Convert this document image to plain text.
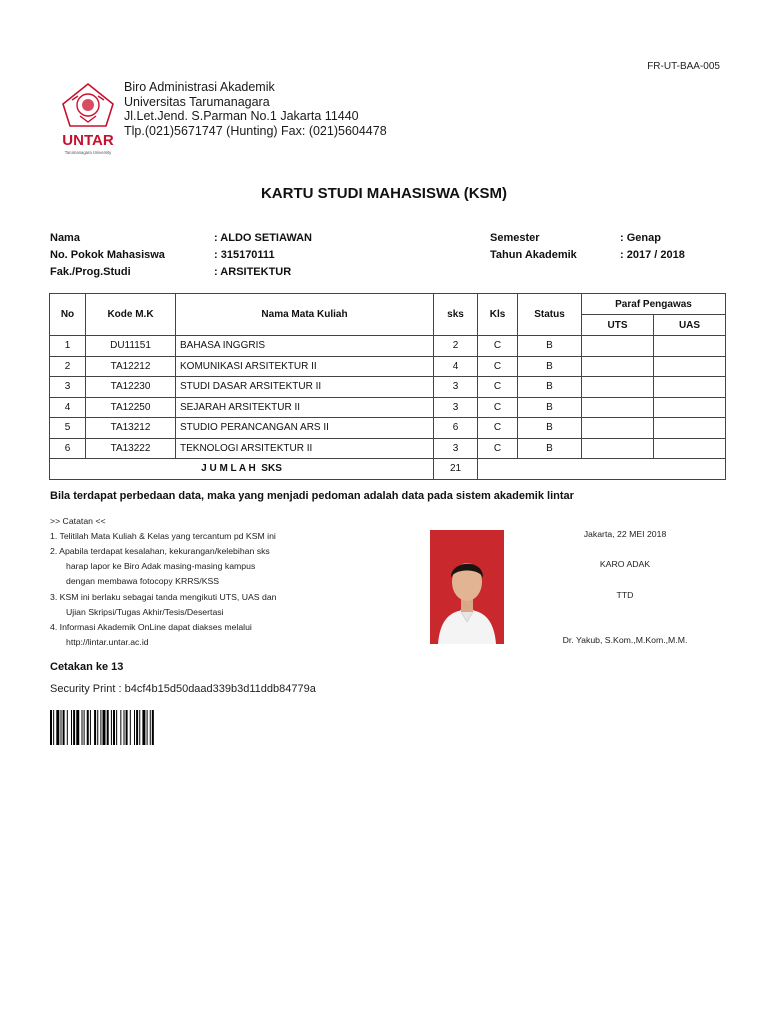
FR-UT-BAA-005
UNTAR
Tarumanagara University
Biro Administrasi Akademik
Universitas Tarumanagara
Jl.Let.Jend. S.Parman No.1 Jakarta 11440
Tlp.(021)5671747 (Hunting) Fax: (021)5604478
KARTU STUDI MAHASISWA (KSM)
Nama	: ALDO SETIAWAN
No. Pokok Mahasiswa	: 315170111
Fak./Prog.Studi	: ARSITEKTUR
Semester	: Genap
Tahun Akademik	: 2017 / 2018
No	Kode M.K	Nama Mata Kuliah	sks	Kls	Status	Paraf Pengawas	
						UTS	UAS
1	DU11151	BAHASA INGGRIS	2	C	B		
2	TA12212	KOMUNIKASI ARSITEKTUR II	4	C	B		
3	TA12230	STUDI DASAR ARSITEKTUR II	3	C	B		
4	TA12250	SEJARAH ARSITEKTUR II	3	C	B		
5	TA13212	STUDIO PERANCANGAN ARS II	6	C	B		
6	TA13222	TEKNOLOGI ARSITEKTUR II	3	C	B		
J U M L A H  SKS			21				
Bila terdapat perbedaan data, maka yang menjadi pedoman adalah data pada sistem akademik lintar
>> Catatan <<
1. Telitilah Mata Kuliah & Kelas yang tercantum pd KSM ini
2. Apabila terdapat kesalahan, kekurangan/kelebihan sks
harap lapor ke Biro Adak masing-masing kampus
dengan membawa fotocopy KRRS/KSS
3. KSM ini berlaku sebagai tanda mengikuti UTS, UAS dan
Ujian Skripsi/Tugas Akhir/Tesis/Desertasi
4. Informasi Akademik OnLine dapat diakses melalui
http://lintar.untar.ac.id
Jakarta, 22 MEI 2018
KARO ADAK
TTD
Dr. Yakub, S.Kom.,M.Kom.,M.M.
Cetakan ke 13
Security Print : b4cf4b15d50daad339b3d11ddb84779a
